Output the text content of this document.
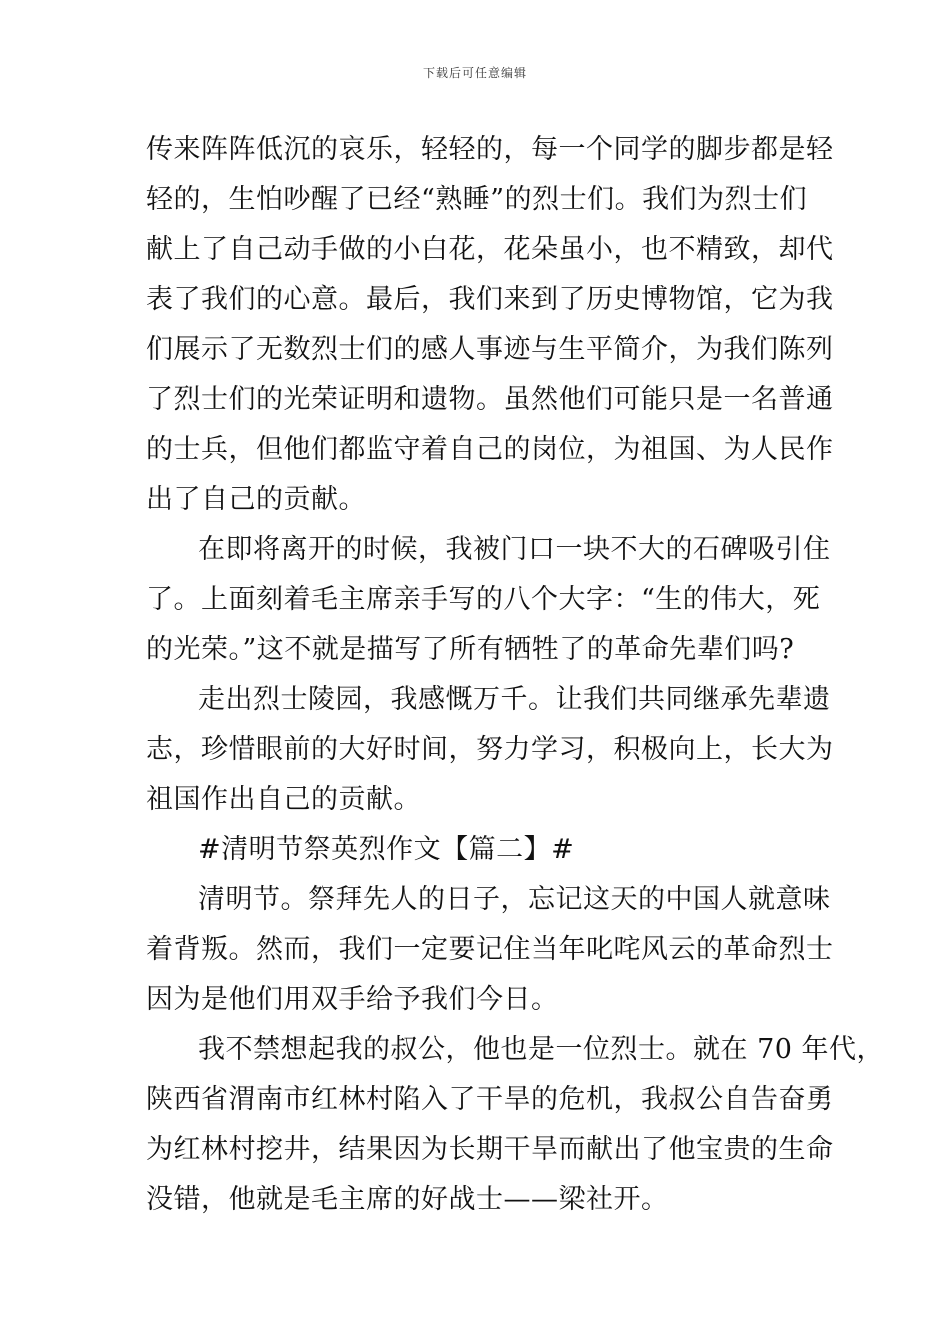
下载后可任意编辑
传来阵阵低沉的哀乐，轻轻的，每一个同学的脚步都是轻
轻的，生怕吵醒了已经“熟睡”的烈士们。我们为烈士们
献上了自己动手做的小白花，花朵虽小，也不精致，却代
表了我们的心意。最后，我们来到了历史博物馆，它为我
们展示了无数烈士们的感人事迹与生平简介，为我们陈列
了烈士们的光荣证明和遗物。虽然他们可能只是一名普通
的士兵，但他们都监守着自己的岗位，为祖国、为人民作
出了自己的贡献。
在即将离开的时候，我被门口一块不大的石碑吸引住
了。上面刻着毛主席亲手写的八个大字：“生的伟大，死
的光荣。”这不就是描写了所有牺牲了的革命先辈们吗?
走出烈士陵园，我感慨万千。让我们共同继承先辈遗
志，珍惜眼前的大好时间，努力学习，积极向上，长大为
祖国作出自己的贡献。
#清明节祭英烈作文【篇二】#
清明节。祭拜先人的日子，忘记这天的中国人就意味
着背叛。然而，我们一定要记住当年叱咤风云的革命烈士
因为是他们用双手给予我们今日。
我不禁想起我的叔公，他也是一位烈士。就在 70 年代，
陕西省渭南市红林村陷入了干旱的危机，我叔公自告奋勇
为红林村挖井，结果因为长期干旱而献出了他宝贵的生命
没错，他就是毛主席的好战士——梁社开。
